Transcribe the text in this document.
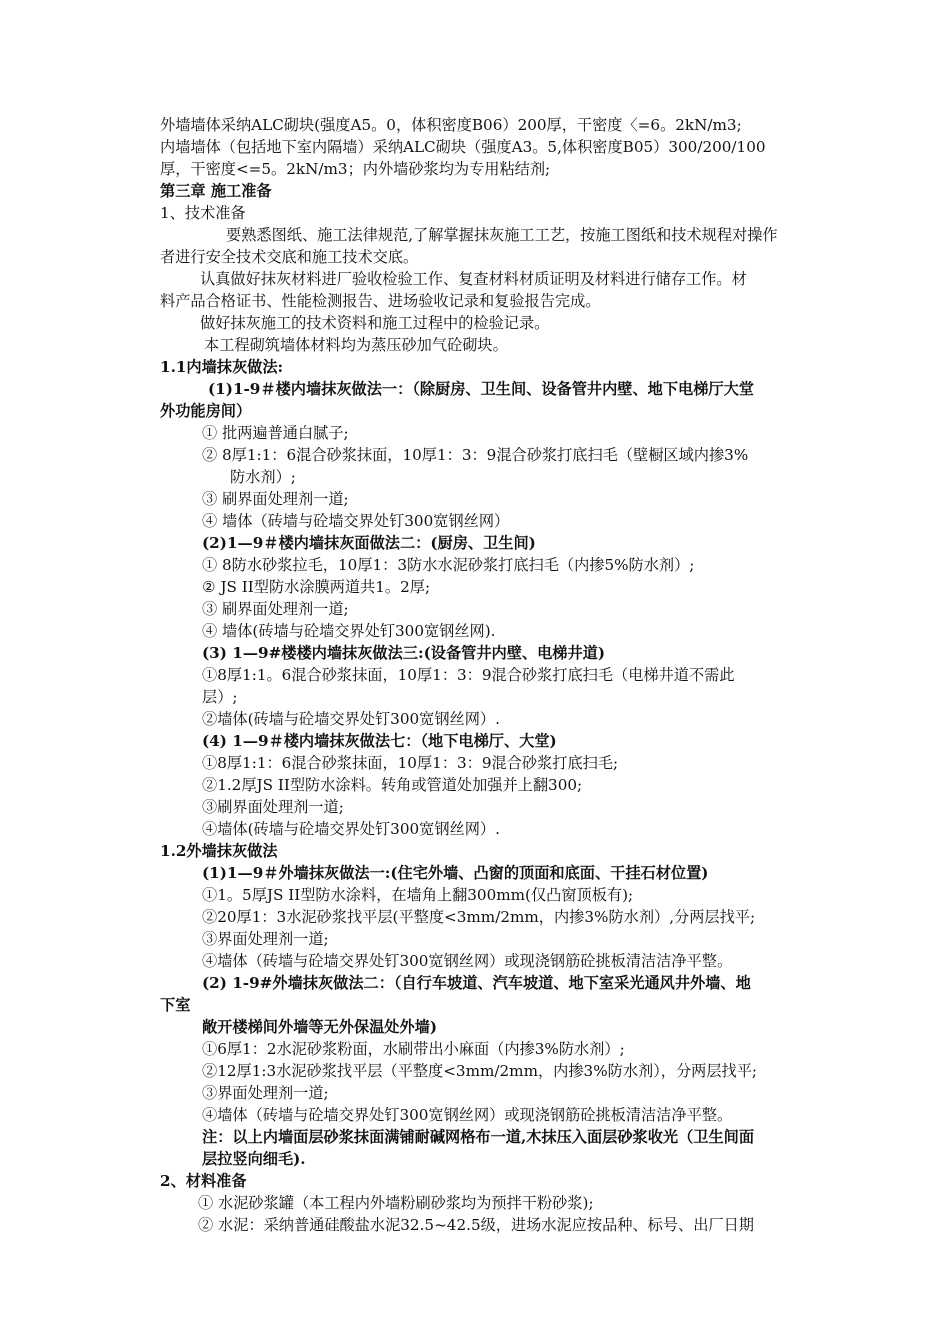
外墙墙体采纳ALC砌块(强度A5。0，体积密度B06）200厚，干密度〈=6。2kN/m3;
内墙墙体（包括地下室内隔墙）采纳ALC砌块（强度A3。5,体积密度B05）300/200/100
厚，干密度<=5。2kN/m3；内外墙砂浆均为专用粘结剂;
第三章 施工准备
1、技术准备
要熟悉图纸、施工法律规范,了解掌握抹灰施工工艺，按施工图纸和技术规程对操作
者进行安全技术交底和施工技术交底。
认真做好抹灰材料进厂验收检验工作、复查材料材质证明及材料进行储存工作。材
料产品合格证书、性能检测报告、进场验收记录和复验报告完成。
做好抹灰施工的技术资料和施工过程中的检验记录。
本工程砌筑墙体材料均为蒸压砂加气砼砌块。
1.1内墙抹灰做法:
(1)1-9＃楼内墙抹灰做法一：（除厨房、卫生间、设备管井内壁、地下电梯厅大堂
外功能房间）
① 批两遍普通白腻子;
② 8厚1:1：6混合砂浆抹面，10厚1：3：9混合砂浆打底扫毛（壁橱区域内掺3%
防水剂）;
③ 刷界面处理剂一道;
④ 墙体（砖墙与砼墙交界处钉300宽钢丝网）
(2)1—9＃楼内墙抹灰面做法二：(厨房、卫生间)
① 8防水砂浆拉毛，10厚1：3防水水泥砂浆打底扫毛（内掺5%防水剂）;
② JS II型防水涂膜两道共1。2厚;
③ 刷界面处理剂一道;
④ 墙体(砖墙与砼墙交界处钉300宽钢丝网).
(3) 1—9#楼楼内墙抹灰做法三:(设备管井内壁、电梯井道)
①8厚1:1。6混合砂浆抹面，10厚1：3：9混合砂浆打底扫毛（电梯井道不需此
层）;
②墙体(砖墙与砼墙交界处钉300宽钢丝网）.
(4) 1—9＃楼内墙抹灰做法七：（地下电梯厅、大堂)
①8厚1:1：6混合砂浆抹面，10厚1：3：9混合砂浆打底扫毛;
②1.2厚JS II型防水涂料。转角或管道处加强并上翻300;
③刷界面处理剂一道;
④墙体(砖墙与砼墙交界处钉300宽钢丝网）.
1.2外墙抹灰做法
(1)1—9＃外墙抹灰做法一:(住宅外墙、凸窗的顶面和底面、干挂石材位置)
①1。5厚JS II型防水涂料，在墙角上翻300mm(仅凸窗顶板有);
②20厚1：3水泥砂浆找平层(平整度<3mm/2mm，内掺3%防水剂）,分两层找平;
③界面处理剂一道;
④墙体（砖墙与砼墙交界处钉300宽钢丝网）或现浇钢筋砼挑板清洁洁净平整。
(2) 1-9#外墙抹灰做法二：（自行车坡道、汽车坡道、地下室采光通风井外墙、地
下室
敞开楼梯间外墙等无外保温处外墙)
①6厚1：2水泥砂浆粉面，水刷带出小麻面（内掺3%防水剂）;
②12厚1:3水泥砂浆找平层（平整度<3mm/2mm，内掺3%防水剂），分两层找平;
③界面处理剂一道;
④墙体（砖墙与砼墙交界处钉300宽钢丝网）或现浇钢筋砼挑板清洁洁净平整。
注：以上内墙面层砂浆抹面满铺耐碱网格布一道,木抹压入面层砂浆收光（卫生间面
层拉竖向细毛).
2、材料准备
① 水泥砂浆罐（本工程内外墙粉刷砂浆均为预拌干粉砂浆);
② 水泥：采纳普通硅酸盐水泥32.5~42.5级，进场水泥应按品种、标号、出厂日期
